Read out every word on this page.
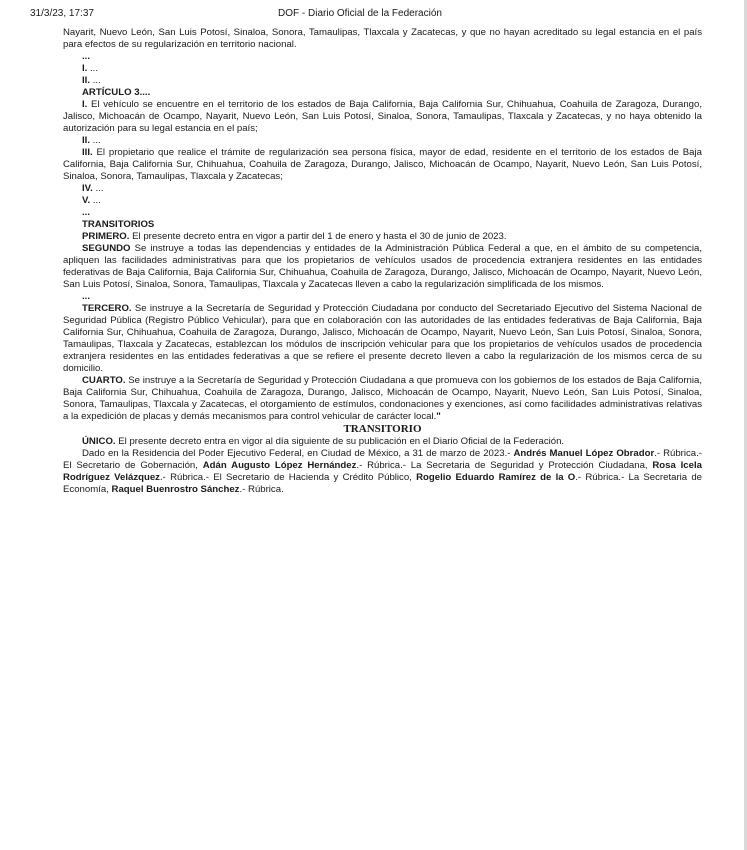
31/3/23, 17:37	DOF - Diario Oficial de la Federación

Nayarit, Nuevo León, San Luis Potosí, Sinaloa, Sonora, Tamaulipas, Tlaxcala y Zacatecas, y que no hayan acreditado su legal estancia en el país para efectos de su regularización en territorio nacional.

...

I. ...

II. ...

ARTÍCULO 3....

I. El vehículo se encuentre en el territorio de los estados de Baja California, Baja California Sur, Chihuahua, Coahuila de Zaragoza, Durango, Jalisco, Michoacán de Ocampo, Nayarit, Nuevo León, San Luis Potosí, Sinaloa, Sonora, Tamaulipas, Tlaxcala y Zacatecas, y no haya obtenido la autorización para su legal estancia en el país;

II. ...

III. El propietario que realice el trámite de regularización sea persona física, mayor de edad, residente en el territorio de los estados de Baja California, Baja California Sur, Chihuahua, Coahuila de Zaragoza, Durango, Jalisco, Michoacán de Ocampo, Nayarit, Nuevo León, San Luis Potosí, Sinaloa, Sonora, Tamaulipas, Tlaxcala y Zacatecas;

IV. ...

V. ...

...

TRANSITORIOS

PRIMERO. El presente decreto entra en vigor a partir del 1 de enero y hasta el 30 de junio de 2023.

SEGUNDO Se instruye a todas las dependencias y entidades de la Administración Pública Federal a que, en el ámbito de su competencia, apliquen las facilidades administrativas para que los propietarios de vehículos usados de procedencia extranjera residentes en las entidades federativas de Baja California, Baja California Sur, Chihuahua, Coahuila de Zaragoza, Durango, Jalisco, Michoacán de Ocampo, Nayarit, Nuevo León, San Luis Potosí, Sinaloa, Sonora, Tamaulipas, Tlaxcala y Zacatecas lleven a cabo la regularización simplificada de los mismos.

...

TERCERO. Se instruye a la Secretaría de Seguridad y Protección Ciudadana por conducto del Secretariado Ejecutivo del Sistema Nacional de Seguridad Pública (Registro Público Vehicular), para que en colaboración con las autoridades de las entidades federativas de Baja California, Baja California Sur, Chihuahua, Coahuila de Zaragoza, Durango, Jalisco, Michoacán de Ocampo, Nayarit, Nuevo León, San Luis Potosí, Sinaloa, Sonora, Tamaulipas, Tlaxcala y Zacatecas, establezcan los módulos de inscripción vehicular para que los propietarios de vehículos usados de procedencia extranjera residentes en las entidades federativas a que se refiere el presente decreto lleven a cabo la regularización de los mismos cerca de su domicilio.

CUARTO. Se instruye a la Secretaría de Seguridad y Protección Ciudadana a que promueva con los gobiernos de los estados de Baja California, Baja California Sur, Chihuahua, Coahuila de Zaragoza, Durango, Jalisco, Michoacán de Ocampo, Nayarit, Nuevo León, San Luis Potosí, Sinaloa, Sonora, Tamaulipas, Tlaxcala y Zacatecas, el otorgamiento de estímulos, condonaciones y exenciones, así como facilidades administrativas relativas a la expedición de placas y demás mecanismos para control vehicular de carácter local."

TRANSITORIO

ÚNICO. El presente decreto entra en vigor al día siguiente de su publicación en el Diario Oficial de la Federación.

Dado en la Residencia del Poder Ejecutivo Federal, en Ciudad de México, a 31 de marzo de 2023.- Andrés Manuel López Obrador.- Rúbrica.- El Secretario de Gobernación, Adán Augusto López Hernández.- Rúbrica.- La Secretaria de Seguridad y Protección Ciudadana, Rosa Icela Rodríguez Velázquez.- Rúbrica.- El Secretario de Hacienda y Crédito Público, Rogelio Eduardo Ramírez de la O.- Rúbrica.- La Secretaria de Economía, Raquel Buenrostro Sánchez.- Rúbrica.
